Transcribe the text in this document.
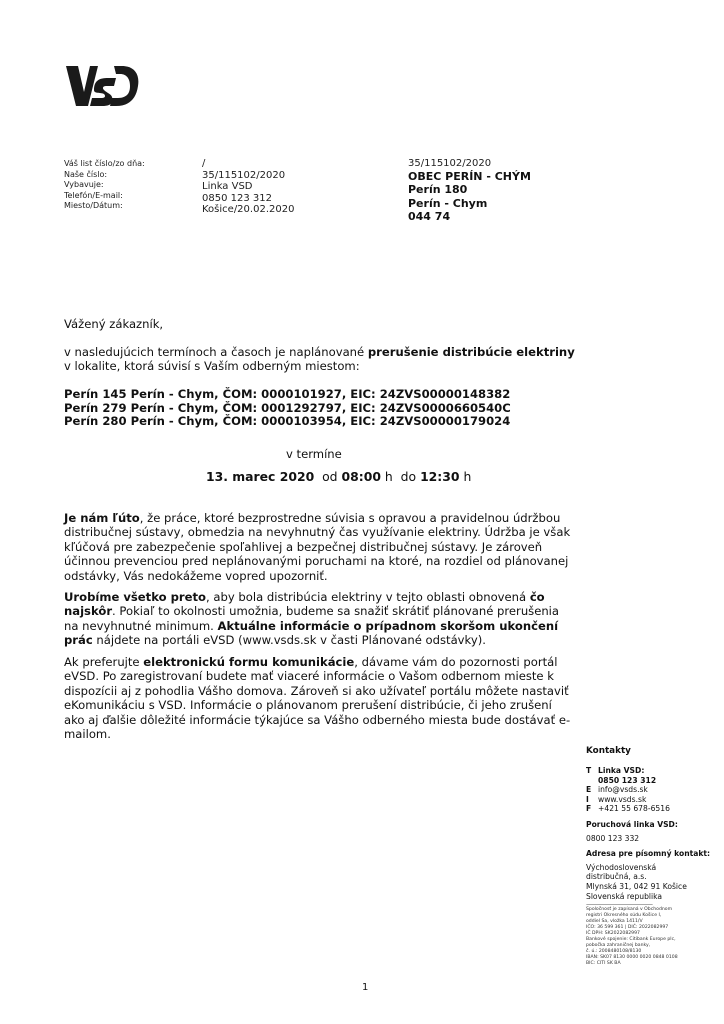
Váš list číslo/zo dňa:
Naše číslo:
Vybavuje:
Telefón/E-mail:
Miesto/Dátum:
/
35/115102/2020
Linka VSD
0850 123 312
Košice/20.02.2020
35/115102/2020
OBEC PERÍN - CHÝM
Perín 180
Perín - Chym
044 74
Vážený zákazník,
v nasledujúcich termínoch a časoch je naplánované prerušenie distribúcie elektriny
v lokalite, ktorá súvisí s Vaším odberným miestom:
Perín 145 Perín - Chym, ČOM: 0000101927, EIC: 24ZVS00000148382
Perín 279 Perín - Chym, ČOM: 0001292797, EIC: 24ZVS0000660540C
Perín 280 Perín - Chym, ČOM: 0000103954, EIC: 24ZVS00000179024
v termíne
13. marec 2020 od 08:00 h do 12:30 h
Je nám ľúto, že práce, ktoré bezprostredne súvisia s opravou a pravidelnou údržbou distribučnej sústavy, obmedzia na nevyhnutný čas využívanie elektriny. Údržba je však kľúčová pre zabezpečenie spoľahlivej a bezpečnej distribučnej sústavy. Je zároveň účinnou prevenciou pred neplánovanými poruchami na ktoré, na rozdiel od plánovanej odstávky, Vás nedokážeme vopred upozorniť.
Urobíme všetko preto, aby bola distribúcia elektriny v tejto oblasti obnovená čo najskôr. Pokiaľ to okolnosti umožnia, budeme sa snažiť skrátiť plánované prerušenia na nevyhnutné minimum. Aktuálne informácie o prípadnom skoršom ukončení prác nájdete na portáli eVSD (www.vsds.sk v časti Plánované odstávky).
Ak preferujte elektronickú formu komunikácie, dávame vám do pozornosti portál eVSD. Po zaregistrovaní budete mať viaceré informácie o Vašom odbernom mieste k dispozícii aj z pohodlia Vášho domova. Zároveň si ako užívateľ portálu môžete nastaviť eKomunikáciu s VSD. Informácie o plánovanom prerušení distribúcie, či jeho zrušení ako aj ďalšie dôležité informácie týkajúce sa Vášho odberného miesta bude dostávať e-mailom.
Kontakty
T Linka VSD:
0850 123 312
E info@vsds.sk
I	www.vsds.sk
F +421 55 678-6516
Poruchová linka VSD:
0800 123 332
Adresa pre písomný kontakt:
Východoslovenská
distribučná, a.s.
Mlynská 31, 042 91 Košice
Slovenská republika
———————————
Spoločnosť je zapísaná v Obchodnom
registri Okresného súdu Košice I,
oddiel Sa, vložka 1411/V
IČO: 36 599 361 | DIČ: 2022082997
IČ DPH: SK2022082997
Bankové spojenie: Citibank Europe plc,
pobočka zahraničnej banky,
č. ú.: 2008480108/8130
IBAN: SK07 8130 0000 0020 0848 0108
BIC: CITI SK BA
1
